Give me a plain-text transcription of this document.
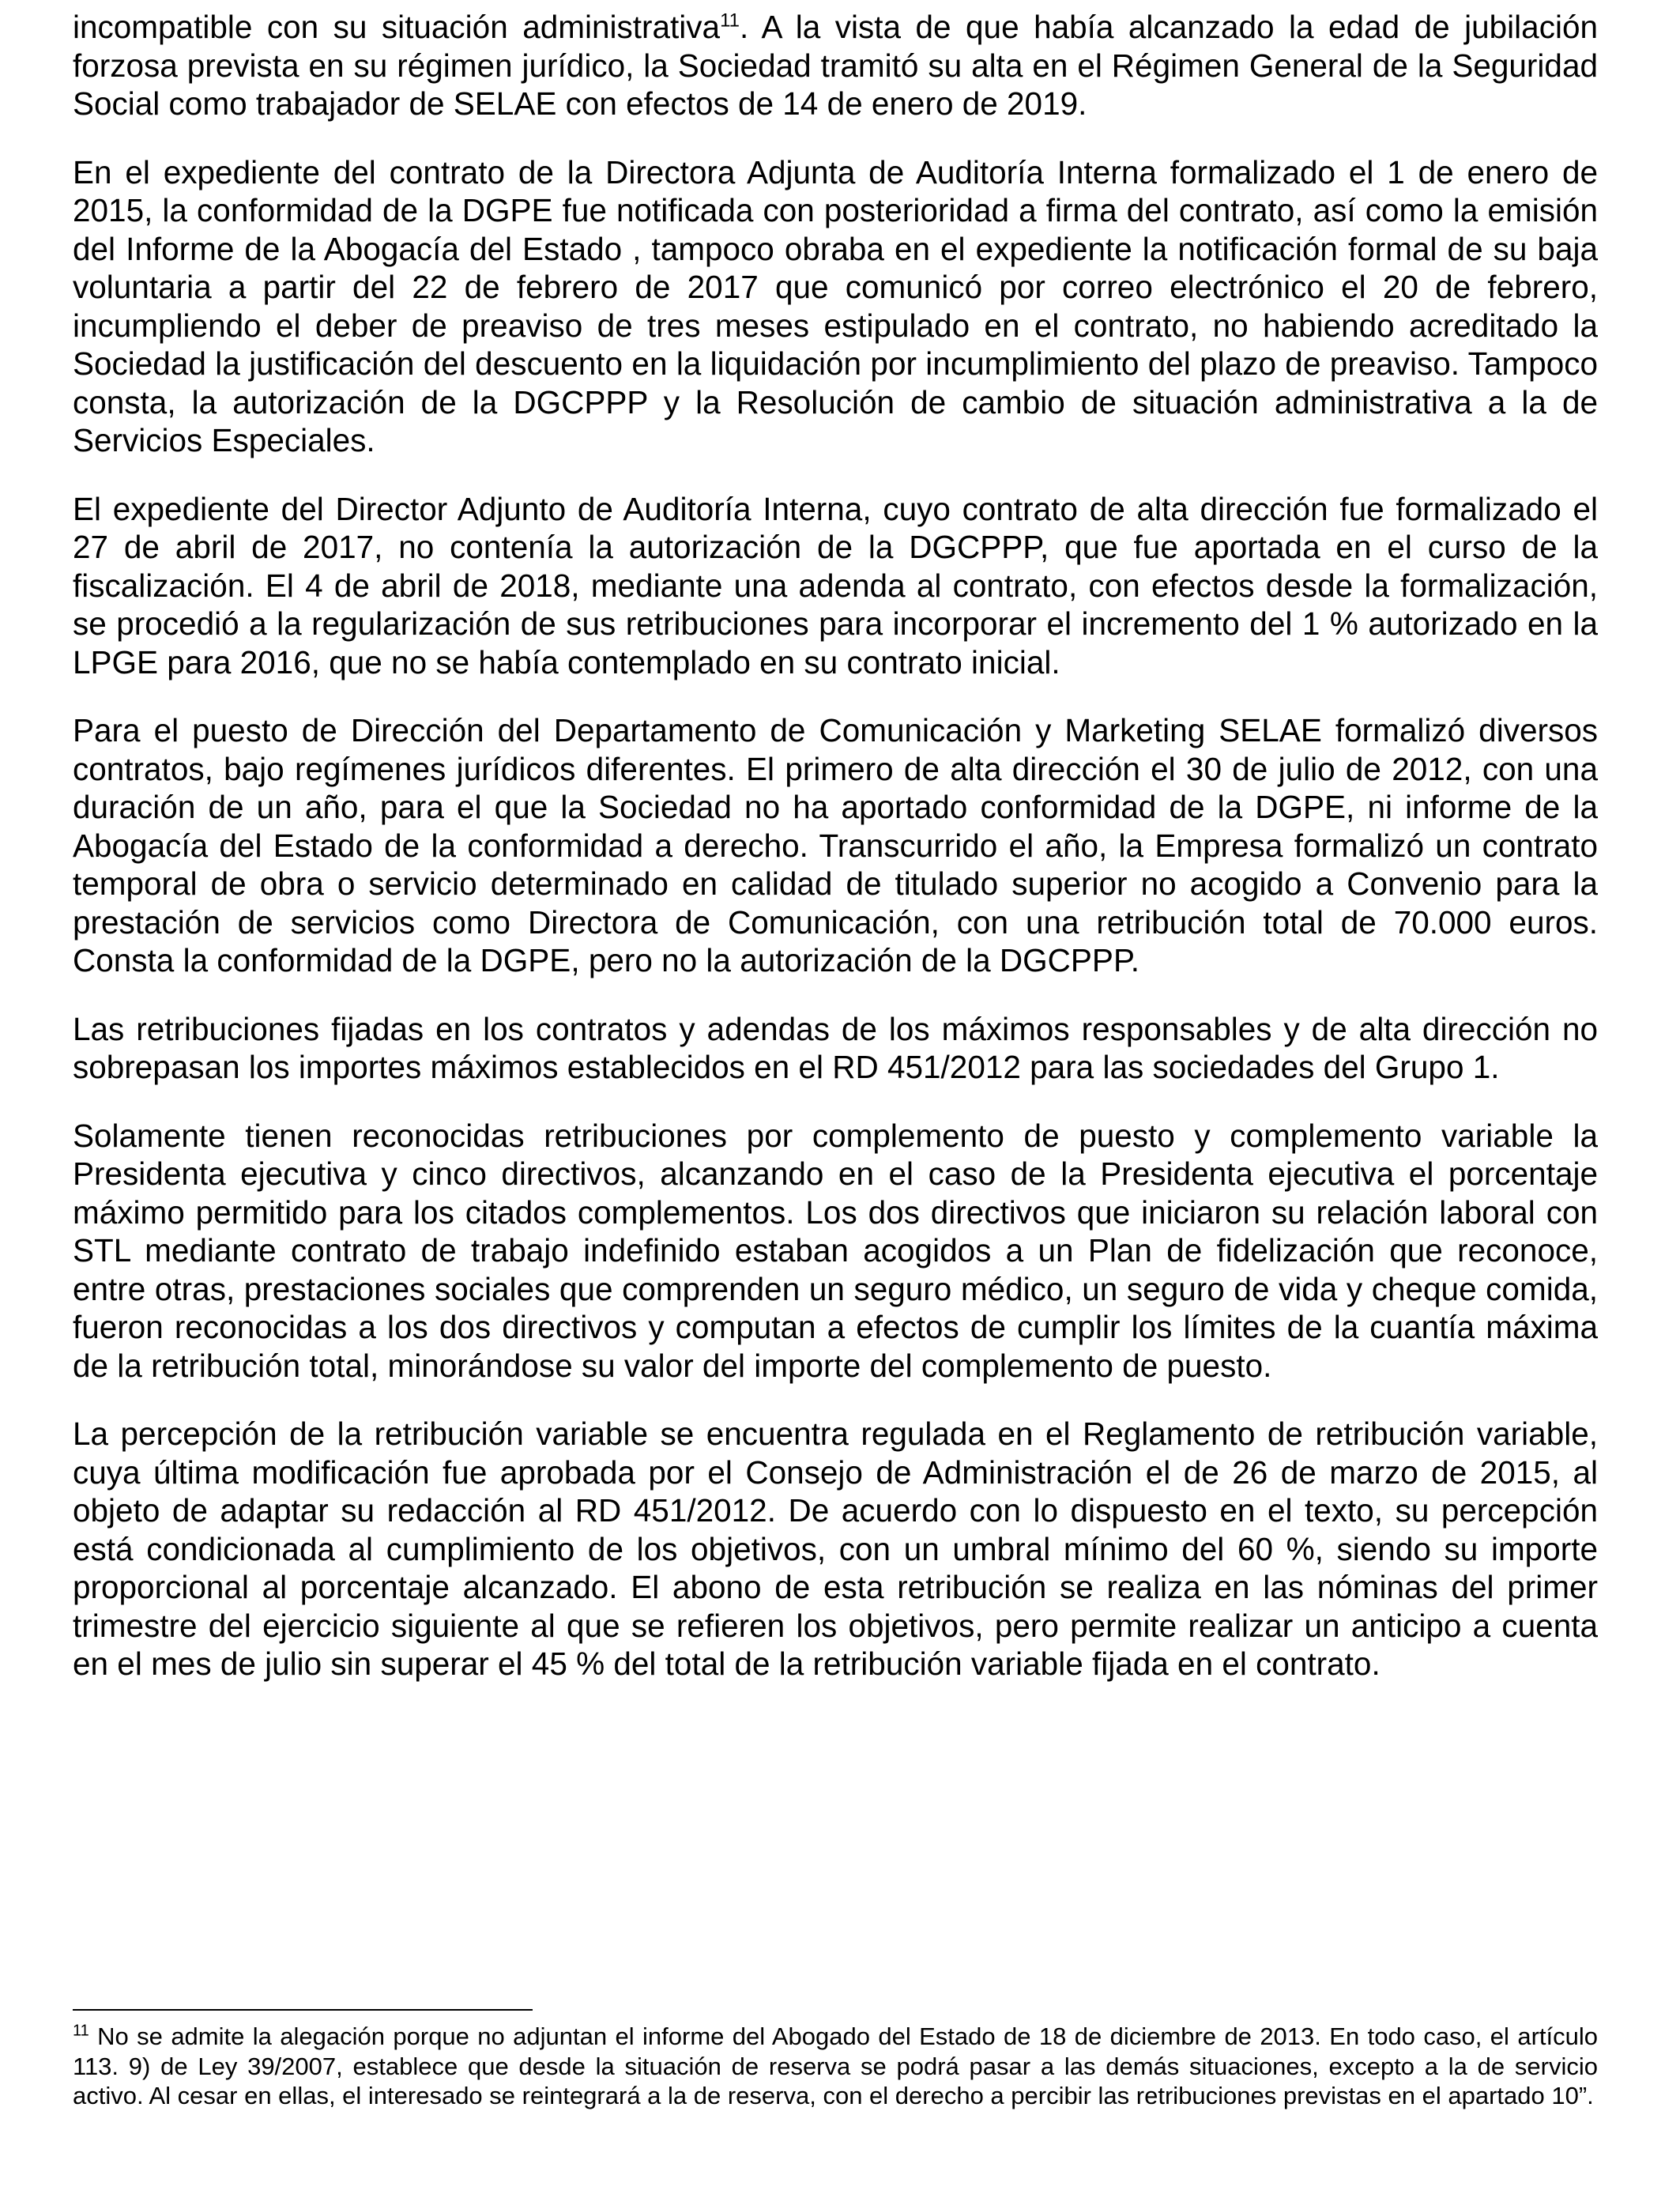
incompatible con su situación administrativa$^{11}$. A la vista de que había alcanzado la edad de jubilación forzosa prevista en su régimen jurídico, la Sociedad tramitó su alta en el Régimen General de la Seguridad Social como trabajador de SELAE con efectos de 14 de enero de 2019.

En el expediente del contrato de la Directora Adjunta de Auditoría Interna formalizado el 1 de enero de 2015, la conformidad de la DGPE fue notificada con posterioridad a firma del contrato, así como la emisión del Informe de la Abogacía del Estado , tampoco obraba en el expediente la notificación formal de su baja voluntaria a partir del 22 de febrero de 2017 que comunicó por correo electrónico el 20 de febrero, incumpliendo el deber de preaviso de tres meses estipulado en el contrato, no habiendo acreditado la Sociedad la justificación del descuento en la liquidación por incumplimiento del plazo de preaviso. Tampoco consta, la autorización de la DGCPPP y la Resolución de cambio de situación administrativa a la de Servicios Especiales.

El expediente del Director Adjunto de Auditoría Interna, cuyo contrato de alta dirección fue formalizado el 27 de abril de 2017, no contenía la autorización de la DGCPPP, que fue aportada en el curso de la fiscalización. El 4 de abril de 2018, mediante una adenda al contrato, con efectos desde la formalización, se procedió a la regularización de sus retribuciones para incorporar el incremento del 1 % autorizado en la LPGE para 2016, que no se había contemplado en su contrato inicial.

Para el puesto de Dirección del Departamento de Comunicación y Marketing SELAE formalizó diversos contratos, bajo regímenes jurídicos diferentes. El primero de alta dirección el 30 de julio de 2012, con una duración de un año, para el que la Sociedad no ha aportado conformidad de la DGPE, ni informe de la Abogacía del Estado de la conformidad a derecho. Transcurrido el año, la Empresa formalizó un contrato temporal de obra o servicio determinado en calidad de titulado superior no acogido a Convenio para la prestación de servicios como Directora de Comunicación, con una retribución total de 70.000 euros. Consta la conformidad de la DGPE, pero no la autorización de la DGCPPP.

Las retribuciones fijadas en los contratos y adendas de los máximos responsables y de alta dirección no sobrepasan los importes máximos establecidos en el RD 451/2012 para las sociedades del Grupo 1.

Solamente tienen reconocidas retribuciones por complemento de puesto y complemento variable la Presidenta ejecutiva y cinco directivos, alcanzando en el caso de la Presidenta ejecutiva el porcentaje máximo permitido para los citados complementos. Los dos directivos que iniciaron su relación laboral con STL mediante contrato de trabajo indefinido estaban acogidos a un Plan de fidelización que reconoce, entre otras, prestaciones sociales que comprenden un seguro médico, un seguro de vida y cheque comida, fueron reconocidas a los dos directivos y computan a efectos de cumplir los límites de la cuantía máxima de la retribución total, minorándose su valor del importe del complemento de puesto.

La percepción de la retribución variable se encuentra regulada en el Reglamento de retribución variable, cuya última modificación fue aprobada por el Consejo de Administración el de 26 de marzo de 2015, al objeto de adaptar su redacción al RD 451/2012. De acuerdo con lo dispuesto en el texto, su percepción está condicionada al cumplimiento de los objetivos, con un umbral mínimo del 60 %, siendo su importe proporcional al porcentaje alcanzado. El abono de esta retribución se realiza en las nóminas del primer trimestre del ejercicio siguiente al que se refieren los objetivos, pero permite realizar un anticipo a cuenta en el mes de julio sin superar el 45 % del total de la retribución variable fijada en el contrato.

$^{11}$ No se admite la alegación porque no adjuntan el informe del Abogado del Estado de 18 de diciembre de 2013. En todo caso, el artículo 113. 9) de Ley 39/2007, establece que desde la situación de reserva se podrá pasar a las demás situaciones, excepto a la de servicio activo. Al cesar en ellas, el interesado se reintegrará a la de reserva, con el derecho a percibir las retribuciones previstas en el apartado 10”.
